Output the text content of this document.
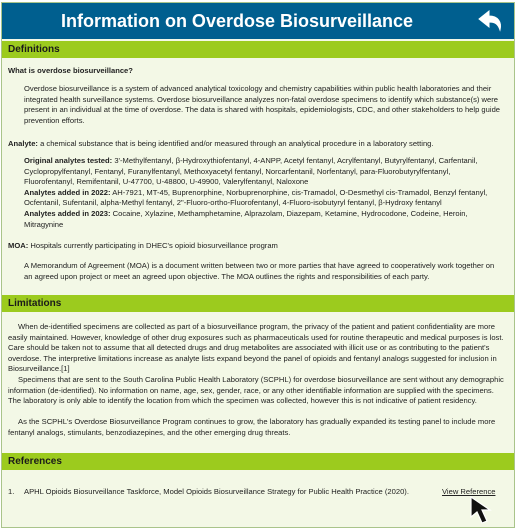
Information on Overdose Biosurveillance
Definitions
What is overdose biosurveillance?
Overdose biosurveillance is a system of advanced analytical toxicology and chemistry capabilities within public health laboratories and their integrated health surveillance systems. Overdose biosurveillance analyzes non-fatal overdose specimens to identify which substance(s) were present in an individual at the time of overdose. The data is shared with hospitals, epidemiologists, CDC, and other stakeholders to help guide prevention efforts.
Analyte: a chemical substance that is being identified and/or measured through an analytical procedure in a laboratory setting.
Original analytes tested: 3'-Methylfentanyl, β-Hydroxythiofentanyl, 4-ANPP, Acetyl fentanyl, Acrylfentanyl, Butyrylfentanyl, Carfentanil, Cyclopropylfentanyl, Fentanyl, Furanylfentanyl, Methoxyacetyl fentanyl, Norcarfentanil, Norfentanyl, para-Fluorobutyrylfentanyl, Fluorofentanyl, Remifentanil, U-47700, U-48800, U-49900, Valerylfentanyl, Naloxone
Analytes added in 2022: AH-7921, MT-45, Buprenorphine, Norbuprenorphine, cis-Tramadol, O-Desmethyl cis-Tramadol, Benzyl fentanyl, Ocfentanil, Sufentanil, alpha-Methyl fentanyl, 2"-Fluoro-ortho-Fluorofentanyl, 4-Fluoro-isobutyryl fentanyl, β-Hydroxy fentanyl
Analytes added in 2023: Cocaine, Xylazine, Methamphetamine, Alprazolam, Diazepam, Ketamine, Hydrocodone, Codeine, Heroin, Mitragynine
MOA: Hospitals currently participating in DHEC's opioid biosurveillance program
A Memorandum of Agreement (MOA) is a document written between two or more parties that have agreed to cooperatively work together on an agreed upon project or meet an agreed upon objective. The MOA outlines the rights and responsibilities of each party.
Limitations
When de-identified specimens are collected as part of a biosurveillance program, the privacy of the patient and patient confidentiality are more easily maintained. However, knowledge of other drug exposures such as pharmaceuticals used for routine therapeutic and medical purposes is lost. Care should be taken not to assume that all detected drugs and drug metabolites are associated with illicit use or as contributing to the patient's overdose. The interpretive limitations increase as analyte lists expand beyond the panel of opioids and fentanyl analogs suggested for inclusion in Biosurveillance.[1]
Specimens that are sent to the South Carolina Public Health Laboratory (SCPHL) for overdose biosurveillance are sent without any demographic information (de-identified). No information on name, age, sex, gender, race, or any other identifiable information are supplied with the specimens. The laboratory is only able to identify the location from which the specimen was collected, however this is not indicative of patient residency.
As the SCPHL's Overdose Biosurveillance Program continues to grow, the laboratory has gradually expanded its testing panel to include more fentanyl analogs, stimulants, benzodiazepines, and the other emerging drug threats.
References
1. APHL Opioids Biosurveillance Taskforce, Model Opioids Biosurveillance Strategy for Public Health Practice (2020).	View Reference
